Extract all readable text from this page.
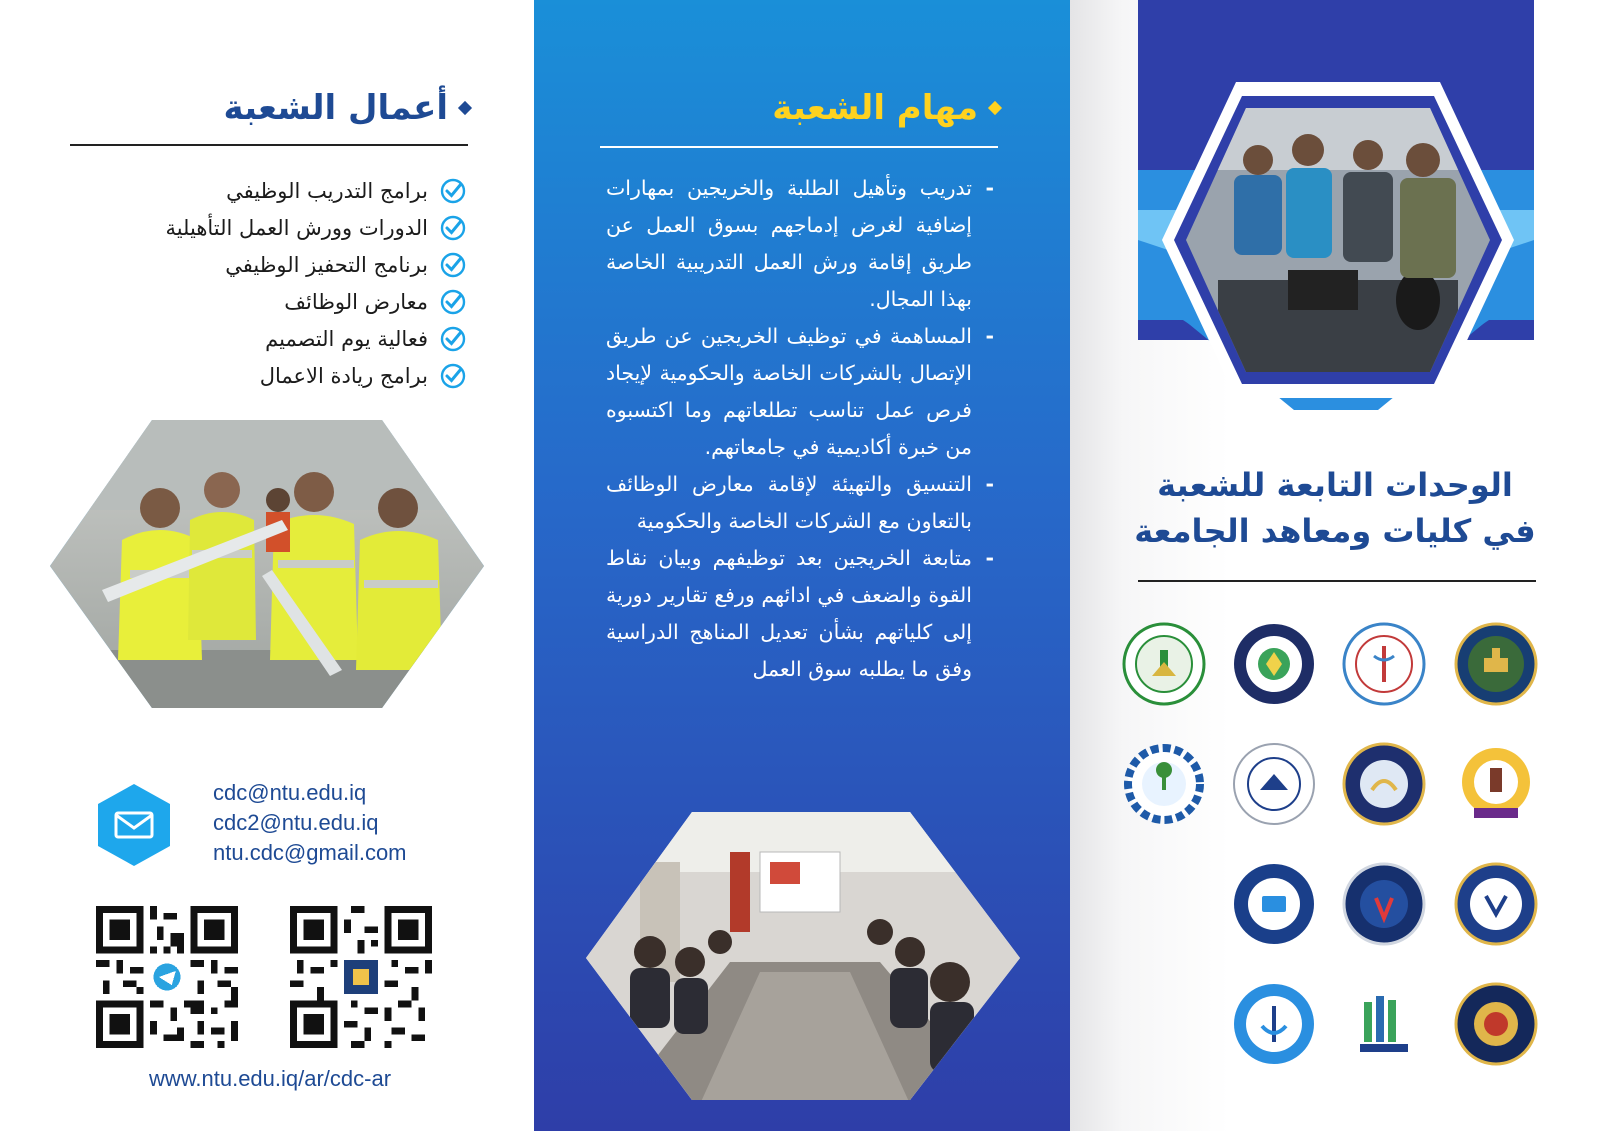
أعمال الشعبة
برامج التدريب الوظيفي
الدورات وورش العمل التأهيلية
برنامج التحفيز الوظيفي
معارض الوظائف
فعالية يوم التصميم
برامج ريادة الاعمال
cdc@ntu.edu.iq
cdc2@ntu.edu.iq
ntu.cdc@gmail.com
www.ntu.edu.iq/ar/cdc-ar
مهام الشعبة
-
تدريب وتأهيل الطلبة والخريجين بمهارات إضافية لغرض إدماجهم بسوق العمل عن طريق إقامة ورش العمل التدريبية الخاصة بهذا المجال.
-
المساهمة في توظيف الخريجين عن طريق الإتصال بالشركات الخاصة والحكومية لإيجاد فرص عمل تناسب تطلعاتهم وما اكتسبوه من خبرة أكاديمية في جامعاتهم.
-
التنسيق والتهيئة لإقامة معارض الوظائف بالتعاون مع الشركات الخاصة والحكومية
-
متابعة الخريجين بعد توظيفهم وبيان نقاط القوة والضعف في ادائهم ورفع تقارير دورية إلى كلياتهم بشأن تعديل المناهج الدراسية وفق ما يطلبه سوق العمل
الوحدات التابعة للشعبة
في كليات ومعاهد الجامعة
